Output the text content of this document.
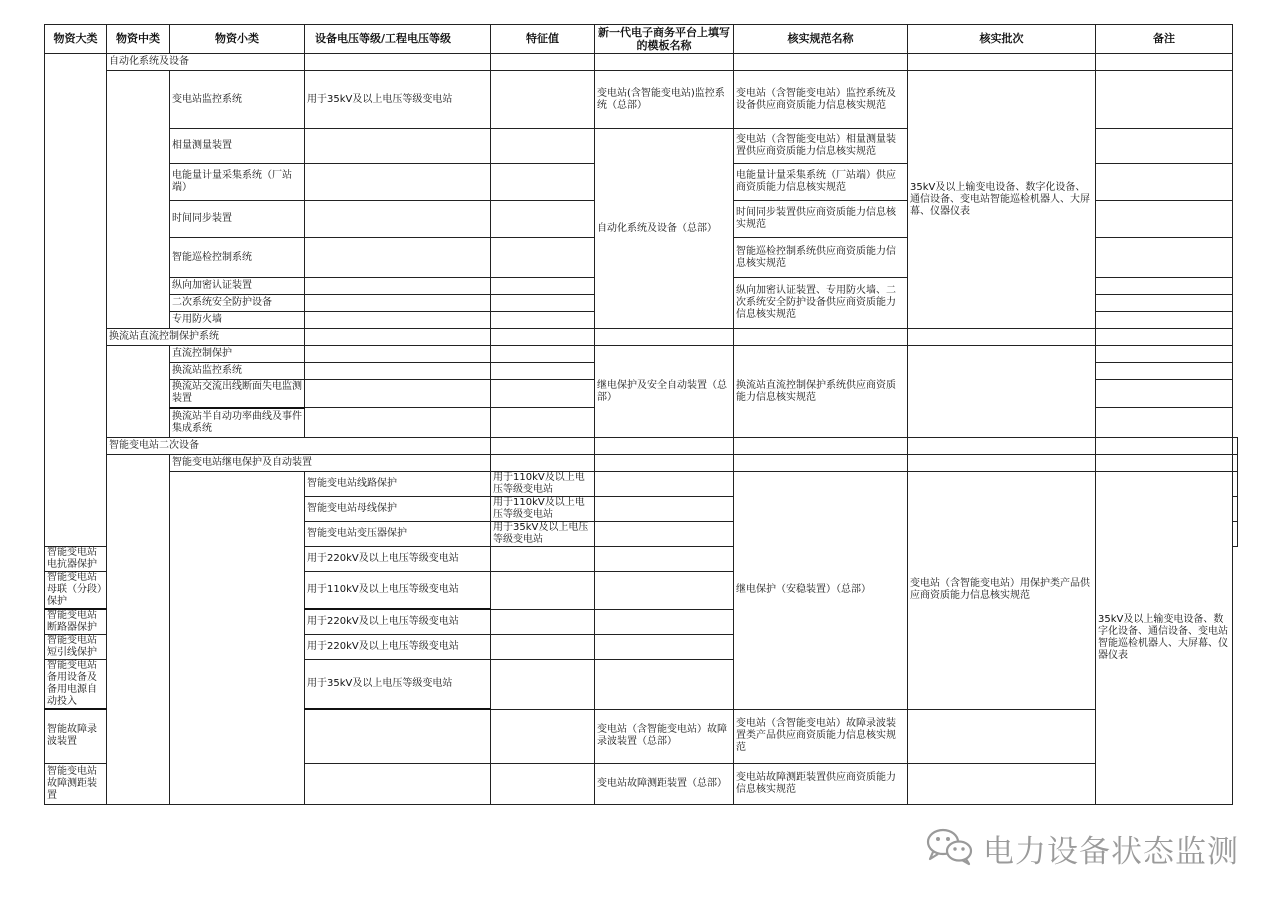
物资大类	物资中类	物资小类	设备电压等级/工程电压等级	特征值	新一代电子商务平台上填写的模板名称	核实规范名称	核实批次	备注	
	自动化系统及设备								
		变电站监控系统	用于35kV及以上电压等级变电站		变电站(含智能变电站)监控系统（总部）	变电站（含智能变电站）监控系统及设备供应商资质能力信息核实规范	35kV及以上输变电设备、数字化设备、通信设备、变电站智能巡检机器人、大屏幕、仪器仪表		
		相量测量装置			自动化系统及设备（总部）	变电站（含智能变电站）相量测量装置供应商资质能力信息核实规范			
		电能量计量采集系统（厂站端）				电能量计量采集系统（厂站端）供应商资质能力信息核实规范			
		时间同步装置				时间同步装置供应商资质能力信息核实规范			
		智能巡检控制系统				智能巡检控制系统供应商资质能力信息核实规范			
		纵向加密认证装置				纵向加密认证装置、专用防火墙、二次系统安全防护设备供应商资质能力信息核实规范			
		二次系统安全防护设备							
		专用防火墙							
	换流站直流控制保护系统								
		直流控制保护			继电保护及安全自动装置（总部）	换流站直流控制保护系统供应商资质能力信息核实规范			
		换流站监控系统							
		换流站交流出线断面失电监测装置							
		换流站半自动功率曲线及事件集成系统							
	智能变电站二次设备								
		智能变电站继电保护及自动装置							
			智能变电站线路保护	用于110kV及以上电压等级变电站		继电保护（安稳装置）（总部）	变电站（含智能变电站）用保护类产品供应商资质能力信息核实规范	35kV及以上输变电设备、数字化设备、通信设备、变电站智能巡检机器人、大屏幕、仪器仪表	
			智能变电站母线保护	用于110kV及以上电压等级变电站					
			智能变电站变压器保护	用于35kV及以上电压等级变电站					
智能变电站电抗器保护			用于220kV及以上电压等级变电站						
智能变电站母联（分段）保护			用于110kV及以上电压等级变电站						
智能变电站断路器保护			用于220kV及以上电压等级变电站						
智能变电站短引线保护			用于220kV及以上电压等级变电站						
智能变电站备用设备及备用电源自动投入			用于35kV及以上电压等级变电站						
智能故障录波装置					变电站（含智能变电站）故障录波装置（总部）	变电站（含智能变电站）故障录波装置类产品供应商资质能力信息核实规范			
智能变电站故障测距装置					变电站故障测距装置（总部）	变电站故障测距装置供应商资质能力信息核实规范			
电力设备状态监测
